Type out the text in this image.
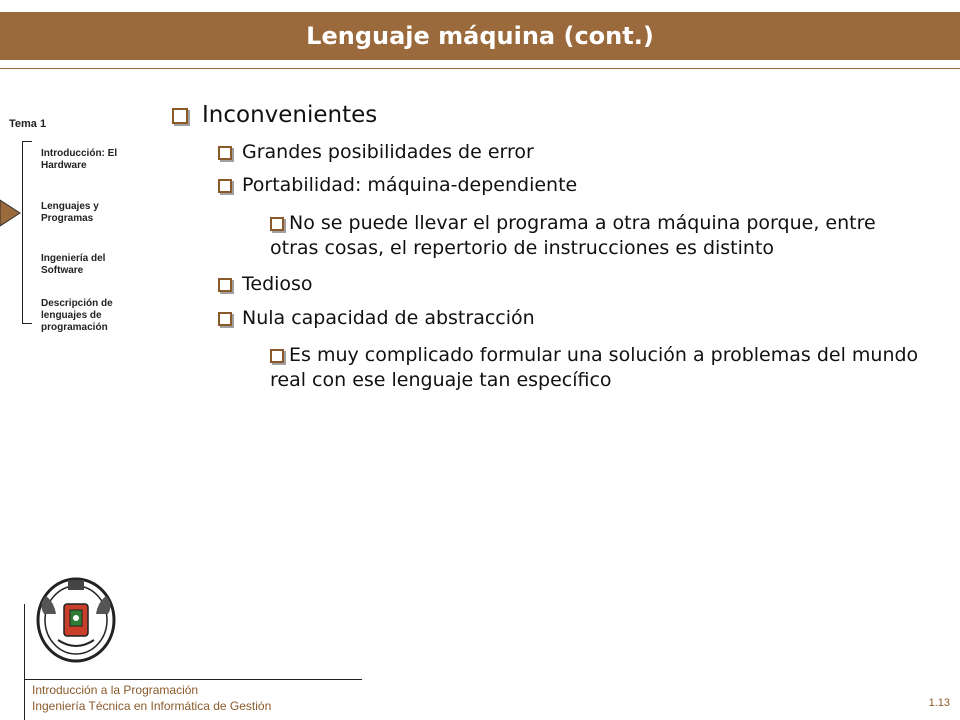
Lenguaje máquina (cont.)
Tema 1
Introducción: El Hardware
Lenguajes y Programas
Ingeniería del Software
Descripción de lenguajes de programación
Inconvenientes
Grandes posibilidades de error
Portabilidad: máquina-dependiente
No se puede llevar el programa a otra máquina porque, entre otras cosas, el repertorio de instrucciones es distinto
Tedioso
Nula capacidad de abstracción
Es muy complicado formular una solución a problemas del mundo real con ese lenguaje tan específico
Introducción a la Programación
Ingeniería Técnica en Informática de Gestión	1.13
